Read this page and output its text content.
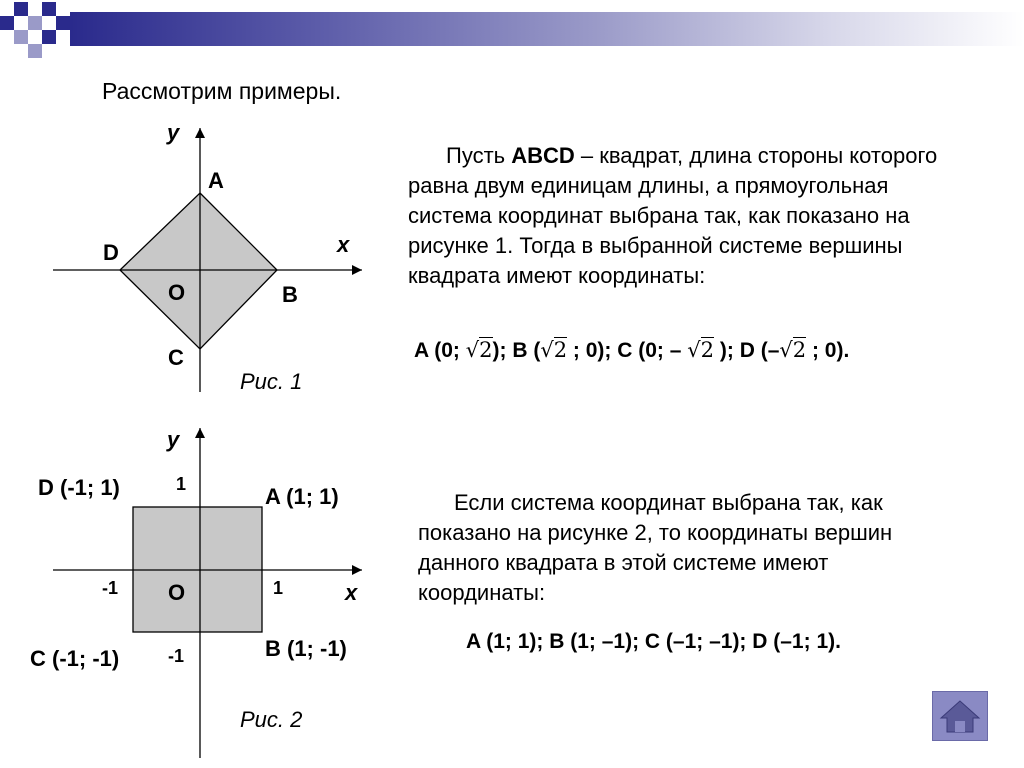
Рассмотрим примеры.
y
A
x
D
O	B
C
Рис. 1

Пусть ABCD – квадрат, длина стороны которого равна двум единицам длины, а прямоугольная система координат выбрана так, как показано на рисунке 1. Тогда в выбранной системе вершины квадрата имеют координаты:

A (0; √2); B (√2 ; 0); C (0; – √2 ); D (–√2 ; 0).
y
D (-1; 1)	1	A (1; 1)
-1 O	1	x
B (1; -1)
C (-1; -1)	-1
Рис. 2

Если система координат выбрана так, как показано на рисунке 2, то координаты вершин данного квадрата в этой системе имеют координаты:

A (1; 1); B (1; –1); C (–1; –1); D (–1; 1).
